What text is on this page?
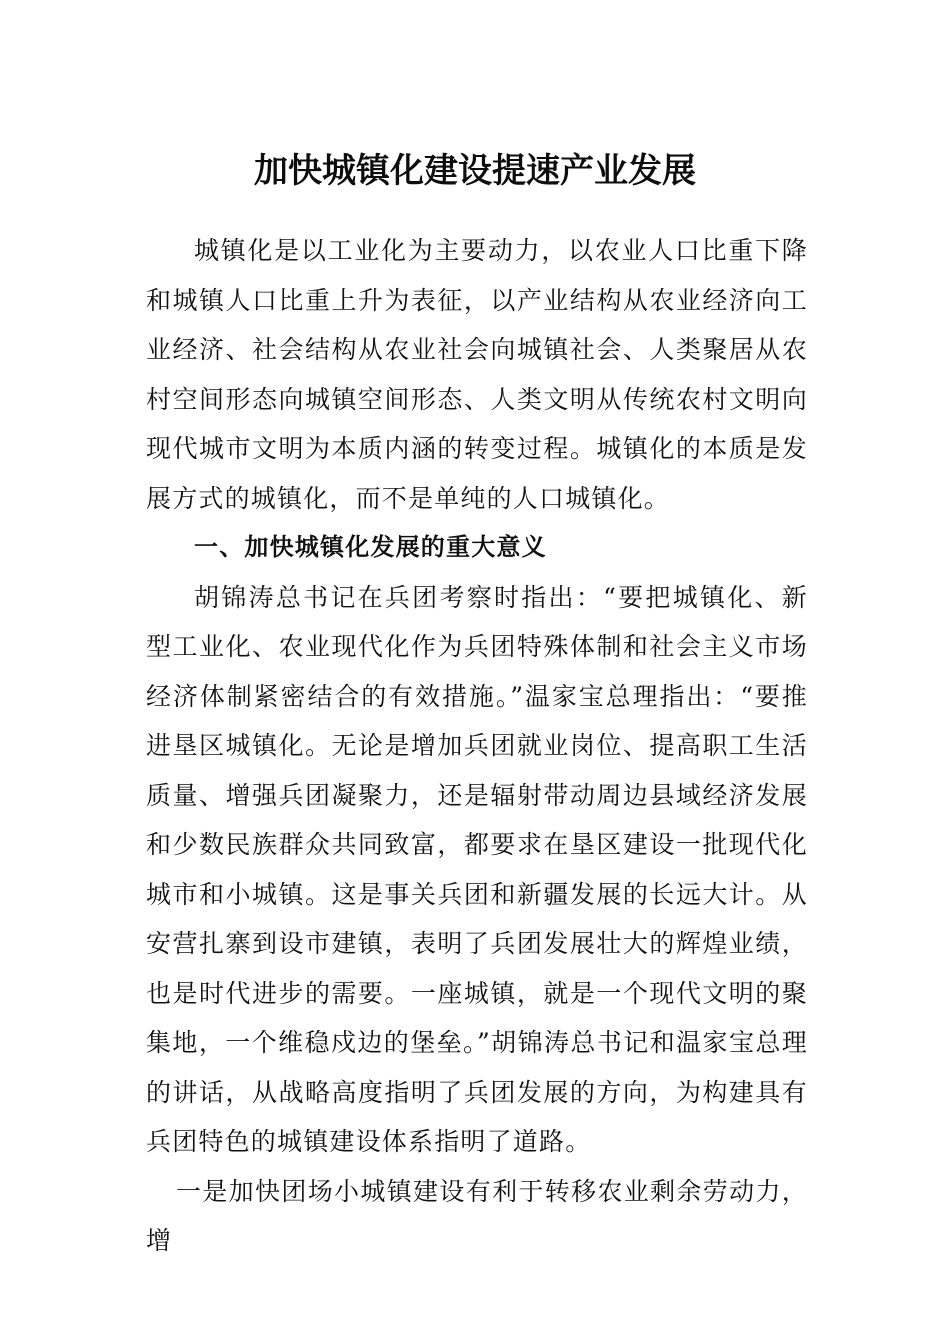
加快城镇化建设提速产业发展

城镇化是以工业化为主要动力，以农业人口比重下降和城镇人口比重上升为表征，以产业结构从农业经济向工业经济、社会结构从农业社会向城镇社会、人类聚居从农村空间形态向城镇空间形态、人类文明从传统农村文明向现代城市文明为本质内涵的转变过程。城镇化的本质是发展方式的城镇化，而不是单纯的人口城镇化。

一、加快城镇化发展的重大意义

胡锦涛总书记在兵团考察时指出：“要把城镇化、新型工业化、农业现代化作为兵团特殊体制和社会主义市场经济体制紧密结合的有效措施。”温家宝总理指出：“要推进垦区城镇化。无论是增加兵团就业岗位、提高职工生活质量、增强兵团凝聚力，还是辐射带动周边县域经济发展和少数民族群众共同致富，都要求在垦区建设一批现代化城市和小城镇。这是事关兵团和新疆发展的长远大计。从安营扎寨到设市建镇，表明了兵团发展壮大的辉煌业绩，也是时代进步的需要。一座城镇，就是一个现代文明的聚集地，一个维稳戍边的堡垒。”胡锦涛总书记和温家宝总理的讲话，从战略高度指明了兵团发展的方向，为构建具有兵团特色的城镇建设体系指明了道路。

一是加快团场小城镇建设有利于转移农业剩余劳动力，增
